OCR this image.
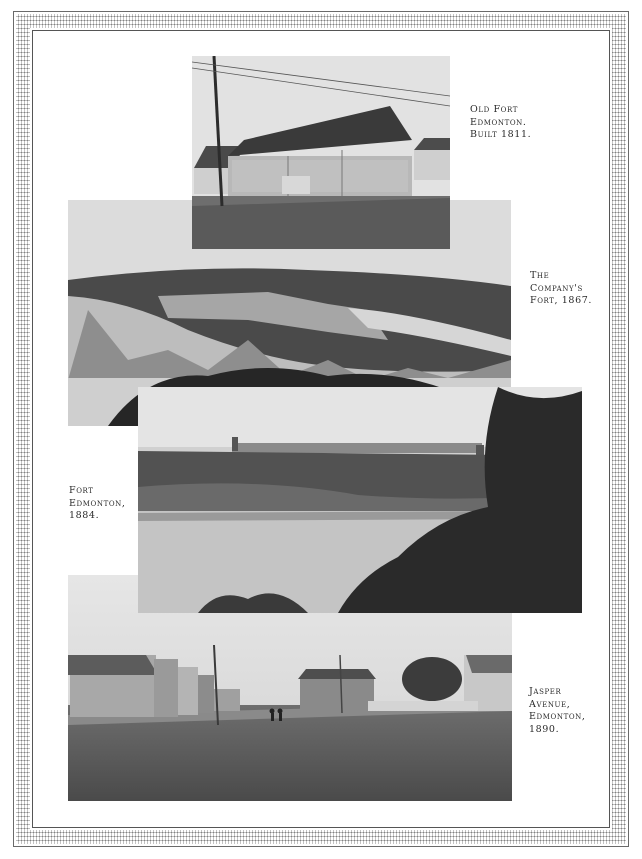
Old Fort
Edmonton.
Built 1811.
The
Company's
Fort, 1867.
Fort
Edmonton,
1884.
Jasper
Avenue,
Edmonton,
1890.
